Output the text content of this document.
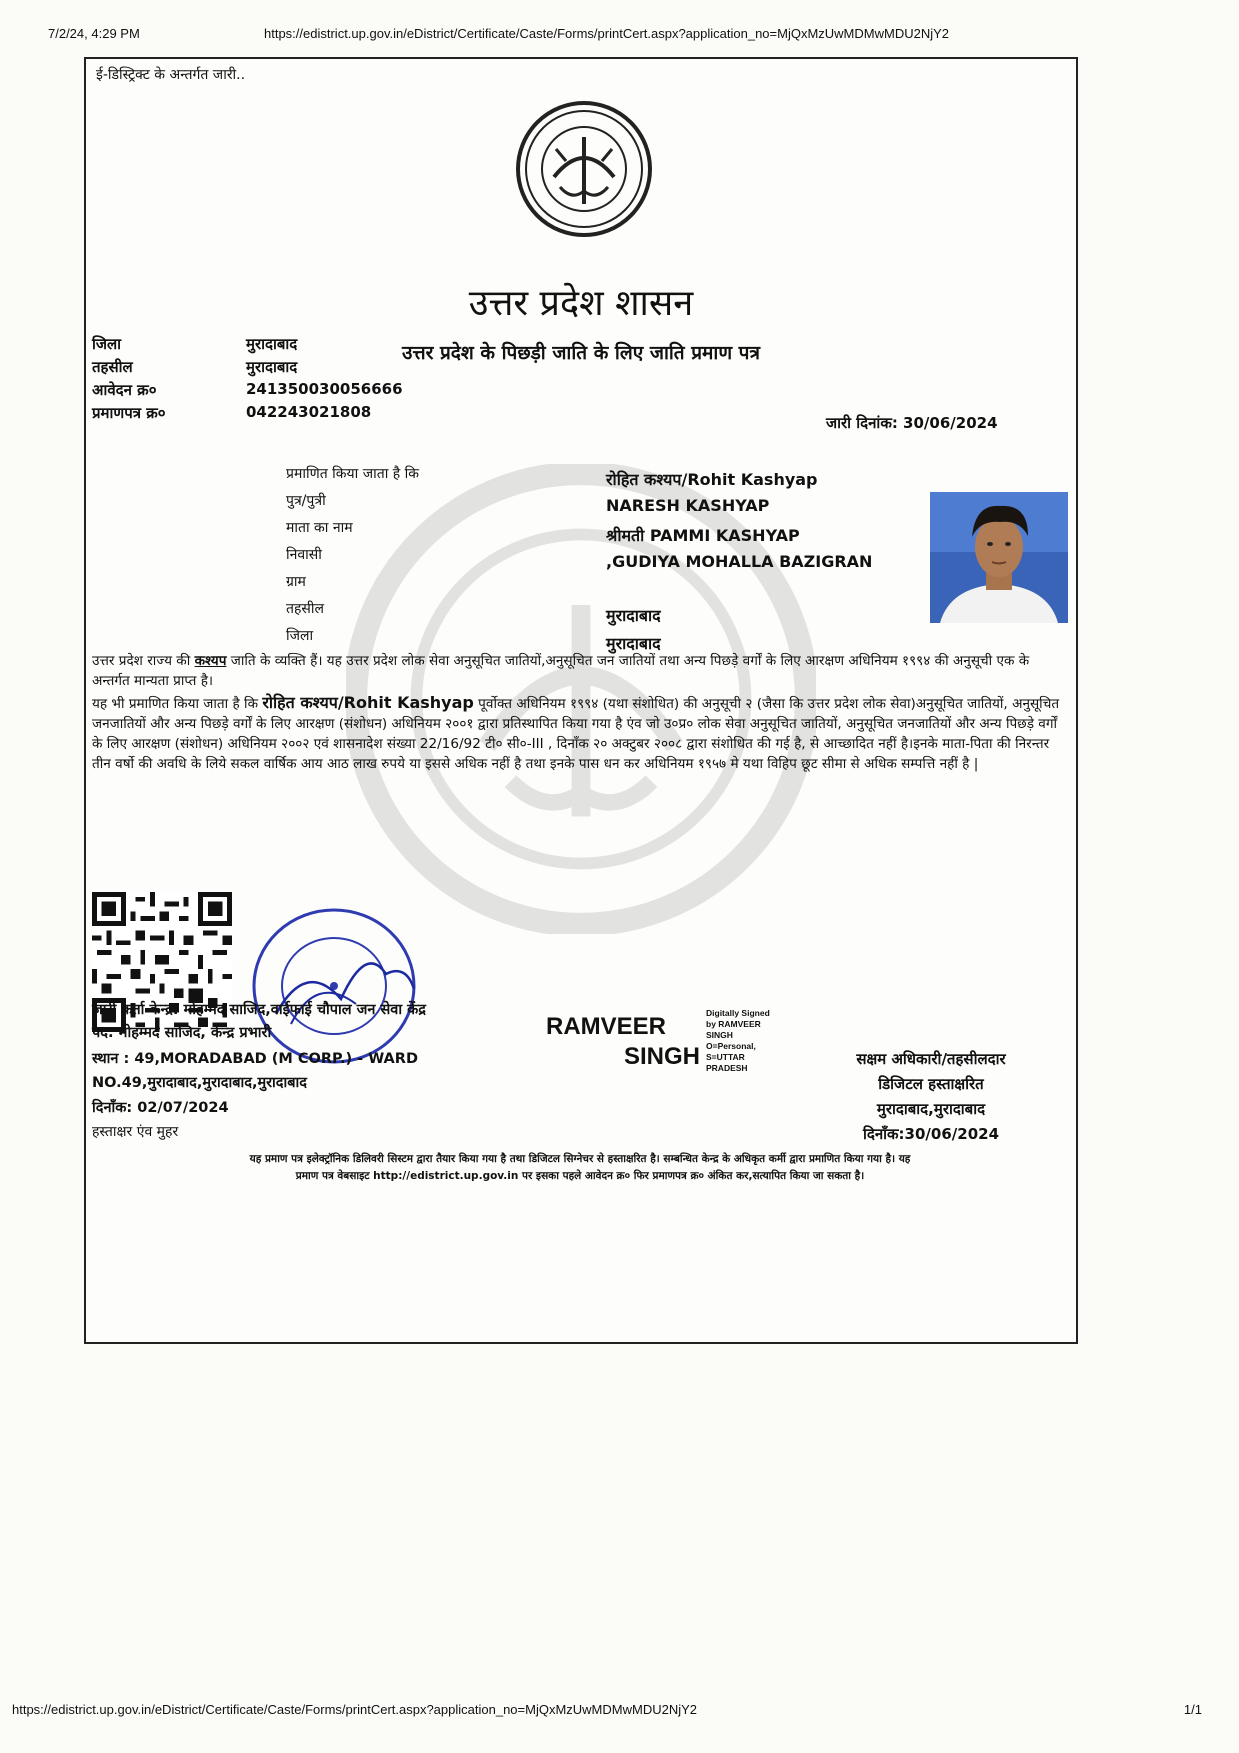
7/2/24, 4:29 PM	https://edistrict.up.gov.in/eDistrict/Certificate/Caste/Forms/printCert.aspx?application_no=MjQxMzUwMDMwMDU2NjY2
ई-डिस्ट्रिक्ट के अन्तर्गत जारी..
उत्तर प्रदेश शासन
उत्तर प्रदेश के पिछड़ी जाति के लिए जाति प्रमाण पत्र
जिला	मुरादाबाद
तहसील	मुरादाबाद
आवेदन क्र०	241350030056666
प्रमाणपत्र क्र०	042243021808
जारी दिनांक: 30/06/2024
प्रमाणित किया जाता है कि	रोहित कश्यप/Rohit Kashyap
पुत्र/पुत्री	NARESH KASHYAP
माता का नाम	श्रीमती PAMMI KASHYAP
निवासी	,GUDIYA MOHALLA BAZIGRAN
ग्राम
तहसील	मुरादाबाद
जिला	मुरादाबाद
उत्तर प्रदेश राज्य की कश्यप जाति के व्यक्ति हैं। यह उत्तर प्रदेश लोक सेवा अनुसूचित जातियों,अनुसूचित जन जातियों तथा अन्य पिछड़े वर्गों के लिए आरक्षण अधिनियम १९९४ की अनुसूची एक के अन्तर्गत मान्यता प्राप्त है।
यह भी प्रमाणित किया जाता है कि रोहित कश्यप/Rohit Kashyap पूर्वोक्त अधिनियम १९९४ (यथा संशोधित) की अनुसूची २ (जैसा कि उत्तर प्रदेश लोक सेवा)अनुसूचित जातियों, अनुसूचित जनजातियों और अन्य पिछड़े वर्गों के लिए आरक्षण (संशोधन) अधिनियम २००१ द्वारा प्रतिस्थापित किया गया है एंव जो उ०प्र० लोक सेवा अनुसूचित जातियों, अनुसूचित जनजातियों और अन्य पिछड़े वर्गों के लिए आरक्षण (संशोधन) अधिनियम २००२ एवं शासनादेश संख्या 22/16/92 टी० सी०-III , दिनाँक २० अक्टुबर २००८ द्वारा संशोधित की गई है, से आच्छादित नहीं है।इनके माता-पिता की निरन्तर तीन वर्षो की अवधि के लिये सकल वार्षिक आय आठ लाख रुपये या इससे अधिक नहीं है तथा इनके पास धन कर अधिनियम १९५७ मे यथा विहिप छूट सीमा से अधिक सम्पत्ति नहीं है |
जारी कर्ता केन्द्र: मोहम्मद साजिद,वाईफाई चौपाल जन सेवा केंद्र
पद: मोहम्मद साजिद, केन्द्र प्रभारी
स्थान : 49,MORADABAD (M CORP.) - WARD
NO.49,मुरादाबाद,मुरादाबाद,मुरादाबाद
दिनाँक: 02/07/2024
हस्ताक्षर एंव मुहर
RAMVEER
SINGH
Digitally Signed
by RAMVEER
SINGH
O=Personal,
S=UTTAR
PRADESH	सक्षम अधिकारी/तहसीलदार
डिजिटल हस्ताक्षरित
मुरादाबाद,मुरादाबाद
दिनाँक:30/06/2024
यह प्रमाण पत्र इलेक्ट्रॉनिक डिलिवरी सिस्टम द्वारा तैयार किया गया है तथा डिजिटल सिग्नेचर से हस्ताक्षरित है। सम्बन्धित केन्द्र के अधिकृत कर्मी द्वारा प्रमाणित किया गया है। यह
प्रमाण पत्र वेबसाइट http://edistrict.up.gov.in पर इसका पहले आवेदन क्र० फिर प्रमाणपत्र क्र० अंकित कर,सत्यापित किया जा सकता है।
https://edistrict.up.gov.in/eDistrict/Certificate/Caste/Forms/printCert.aspx?application_no=MjQxMzUwMDMwMDU2NjY2	1/1
